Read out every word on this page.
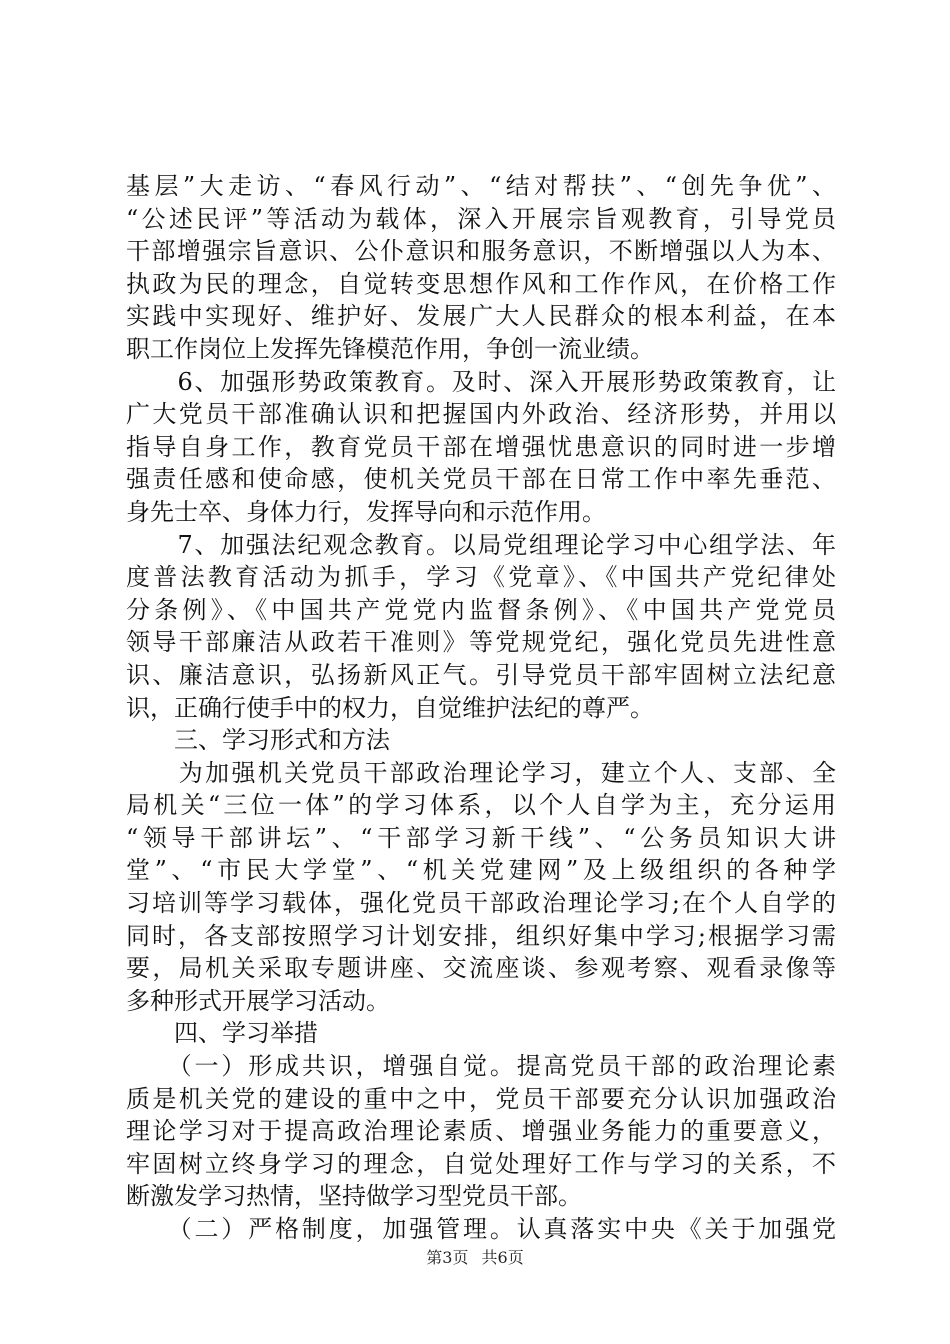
基层”大走访、“春风行动”、“结对帮扶”、“创先争优”、
“公述民评”等活动为载体，深入开展宗旨观教育，引导党员
干部增强宗旨意识、公仆意识和服务意识，不断增强以人为本、
执政为民的理念，自觉转变思想作风和工作作风，在价格工作
实践中实现好、维护好、发展广大人民群众的根本利益，在本
职工作岗位上发挥先锋模范作用，争创一流业绩。
　　6、加强形势政策教育。及时、深入开展形势政策教育，让
广大党员干部准确认识和把握国内外政治、经济形势，并用以
指导自身工作，教育党员干部在增强忧患意识的同时进一步增
强责任感和使命感，使机关党员干部在日常工作中率先垂范、
身先士卒、身体力行，发挥导向和示范作用。
　　7、加强法纪观念教育。以局党组理论学习中心组学法、年
度普法教育活动为抓手，学习《党章》、《中国共产党纪律处
分条例》、《中国共产党党内监督条例》、《中国共产党党员
领导干部廉洁从政若干准则》等党规党纪，强化党员先进性意
识、廉洁意识，弘扬新风正气。引导党员干部牢固树立法纪意
识，正确行使手中的权力，自觉维护法纪的尊严。
　　三、学习形式和方法
　　为加强机关党员干部政治理论学习，建立个人、支部、全
局机关“三位一体”的学习体系，以个人自学为主，充分运用
“领导干部讲坛”、“干部学习新干线”、“公务员知识大讲
堂”、“市民大学堂”、“机关党建网”及上级组织的各种学
习培训等学习载体，强化党员干部政治理论学习;在个人自学的
同时，各支部按照学习计划安排，组织好集中学习;根据学习需
要，局机关采取专题讲座、交流座谈、参观考察、观看录像等
多种形式开展学习活动。
　　四、学习举措
　　（一）形成共识，增强自觉。提高党员干部的政治理论素
质是机关党的建设的重中之中，党员干部要充分认识加强政治
理论学习对于提高政治理论素质、增强业务能力的重要意义，
牢固树立终身学习的理念，自觉处理好工作与学习的关系，不
断激发学习热情，坚持做学习型党员干部。
　　（二）严格制度，加强管理。认真落实中央《关于加强党
第3页 共6页
